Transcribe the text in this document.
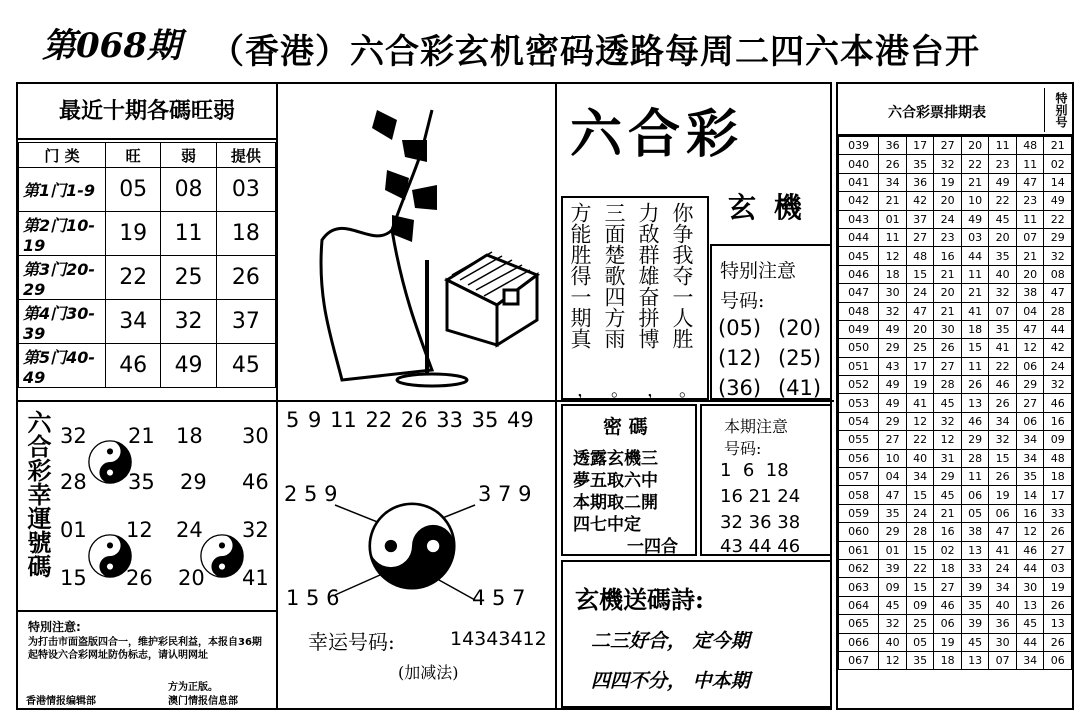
第068期 （香港）六合彩玄机密码透路每周二四六本港台开
最近十期各碼旺弱
门 类	旺	弱	提供
第1门1-9	05	08	03
第2门10-19	19	11	18
第3门20-29	22	25	26
第4门30-39	34	32	37
第5门40-49	46	49	45
六合彩幸運號碼 32 21 18 30
28 35 29 46
01 12 24 32
15 26 20 41
特別注意:
为打击市面盗版四合一，维护彩民利益，本报自36期起特设六合彩网址防伪标志，请认明网址
方为正版。
香港情报编辑部	澳门情报信息部
5 9 11 22 26 33 35 49
2 5 9	3 7 9
1 5 6	4 5 7
幸运号码:	14343412
(加减法)
六合彩
玄 機
你争我夺一人胜
力敌群雄奋拼博
三面楚歌四方雨
方能胜得一期真
。
，
。
，
特别注意
号码:
(05) (20)
(12) (25)
(36) (41)
密 碼
透露玄機三
夢五取六中
本期取二開
四七中定
一四合
本期注意
号码:
1  6  18
16 21 24
32 36 38
43 44 46
玄機送碼詩:
二三好合， 定今期
四四不分， 中本期
六合彩票排期表	特别号
039	36	17	27	20	11	48	21
040	26	35	32	22	23	11	02
041	34	36	19	21	49	47	14
042	21	42	20	10	22	23	49
043	01	37	24	49	45	11	22
044	11	27	23	03	20	07	29
045	12	48	16	44	35	21	32
046	18	15	21	11	40	20	08
047	30	24	20	21	32	38	47
048	32	47	21	41	07	04	28
049	49	20	30	18	35	47	44
050	29	25	26	15	41	12	42
051	43	17	27	11	22	06	24
052	49	19	28	26	46	29	32
053	49	41	45	13	26	27	46
054	29	12	32	46	34	06	16
055	27	22	12	29	32	34	09
056	10	40	31	28	15	34	48
057	04	34	29	11	26	35	18
058	47	15	45	06	19	14	17
059	35	24	21	05	06	16	33
060	29	28	16	38	47	12	26
061	01	15	02	13	41	46	27
062	39	22	18	33	24	44	03
063	09	15	27	39	34	30	19
064	45	09	46	35	40	13	26
065	32	25	06	39	36	45	13
066	40	05	19	45	30	44	26
067	12	35	18	13	07	34	06
